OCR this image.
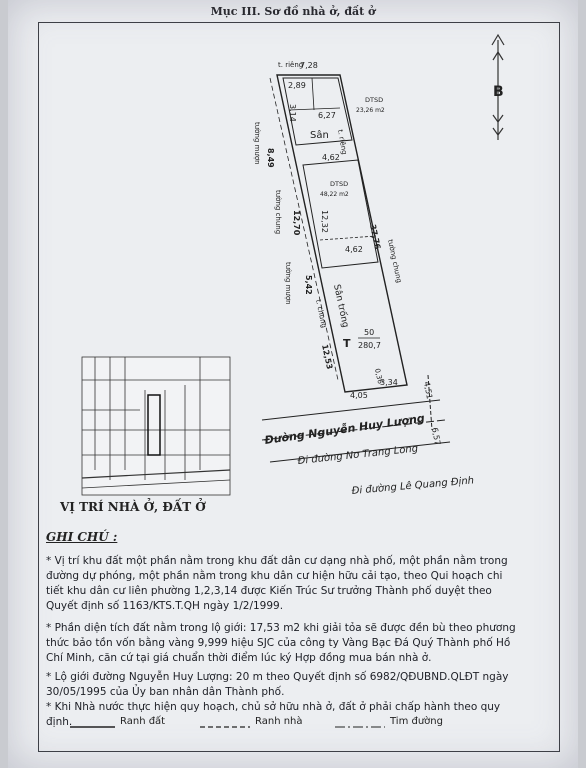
Mục III. Sơ đồ nhà ở, đất ở
B
7,28
t. riêng
2,89
3,14	6,27
8,49
tường mượn
DTSD
23,26 m2
Sân t. riêng
4,62
DTSD
48,22 m2
12,32
4,62 37,76
tường chung
tường chung 12,70
tường mượn 5,42 Sân trống
t. chung
50
T 280,7
12,53
0,36
3,34
4,05	4,51
6,57
Đường Nguyễn Huy Lượng
Đi đường Nơ Trang Long
Đi đường Lê Quang Định
VỊ TRÍ NHÀ Ở, ĐẤT Ở
GHI CHÚ :
* Vị trí khu đất một phần nằm trong khu đất dân cư dạng nhà phố, một phần nằm trong đường dự phóng, một phần nằm trong khu dân cư hiện hữu cải tạo, theo Qui hoạch chi tiết khu dân cư liên phường 1,2,3,14 được Kiến Trúc Sư trưởng Thành phố duyệt theo Quyết định số 1163/KTS.T.QH ngày 1/2/1999.
* Phần diện tích đất nằm trong lộ giới: 17,53 m2 khi giải tỏa sẽ được đền bù theo phương thức bảo tồn vốn bằng vàng 9,999 hiệu SJC của công ty Vàng Bạc Đá Quý Thành phố Hồ Chí Minh, căn cứ tại giá chuẩn thời điểm lúc ký Hợp đồng mua bán nhà ở.
* Lộ giới đường Nguyễn Huy Lượng: 20 m theo Quyết định số 6982/QĐUBND.QLĐT ngày 30/05/1995 của Ủy ban nhân dân Thành phố.
* Khi Nhà nước thực hiện quy hoạch, chủ sở hữu nhà ở, đất ở phải chấp hành theo quy định.	Ranh đất	Ranh nhà	Tim đường
